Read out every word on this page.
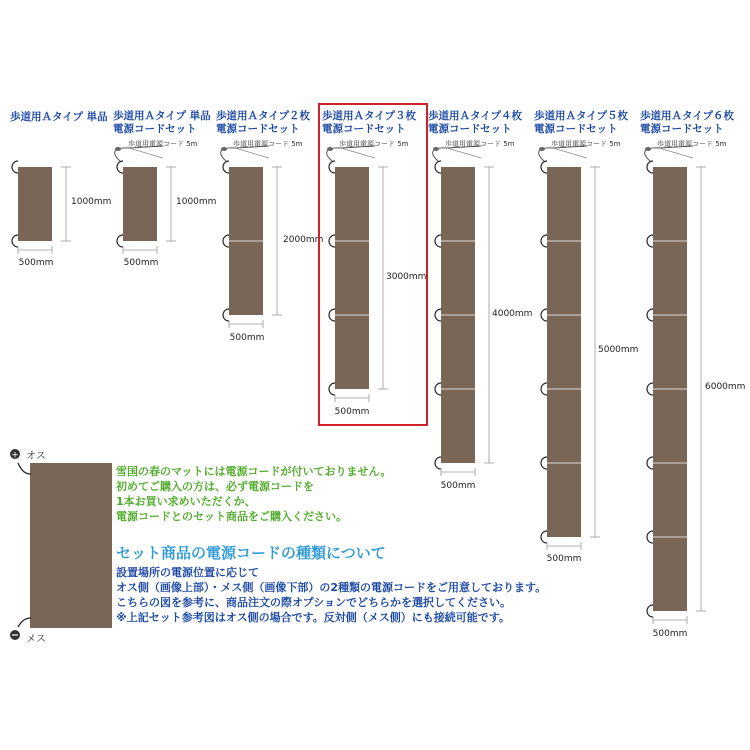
+
歩道用Ａタイプ 単品 歩道用Ａタイプ 単品
電源コードセット
歩道用Ａタイプ２枚
電源コードセット
歩道用Ａタイプ３枚
電源コードセット
歩道用Ａタイプ４枚
電源コードセット
歩道用Ａタイプ５枚
電源コードセット
歩道用Ａタイプ６枚
電源コードセット
歩道用電源コード 5m	歩道用電源コード 5m	歩道用電源コード 5m	歩道用電源コード 5m	歩道用電源コード 5m	歩道用電源コード 5m
1000mm	1000mm
2000mm
3000mm
4000mm
5000mm
6000mm
500mm	500mm
500mm
500mm
500mm
500mm
500mm
オス
メス
雪国の春のマットには電源コードが付いておりません。
初めてご購入の方は、必ず電源コードを
1本お買い求めいただくか、
電源コードとのセット商品をご購入ください。
セット商品の電源コードの種類について
設置場所の電源位置に応じて
オス側（画像上部）・メス側（画像下部）の2種類の電源コードをご用意しております。
こちらの図を参考に、商品注文の際オプションでどちらかを選択してください。
※上記セット参考図はオス側の場合です。反対側（メス側）にも接続可能です。
